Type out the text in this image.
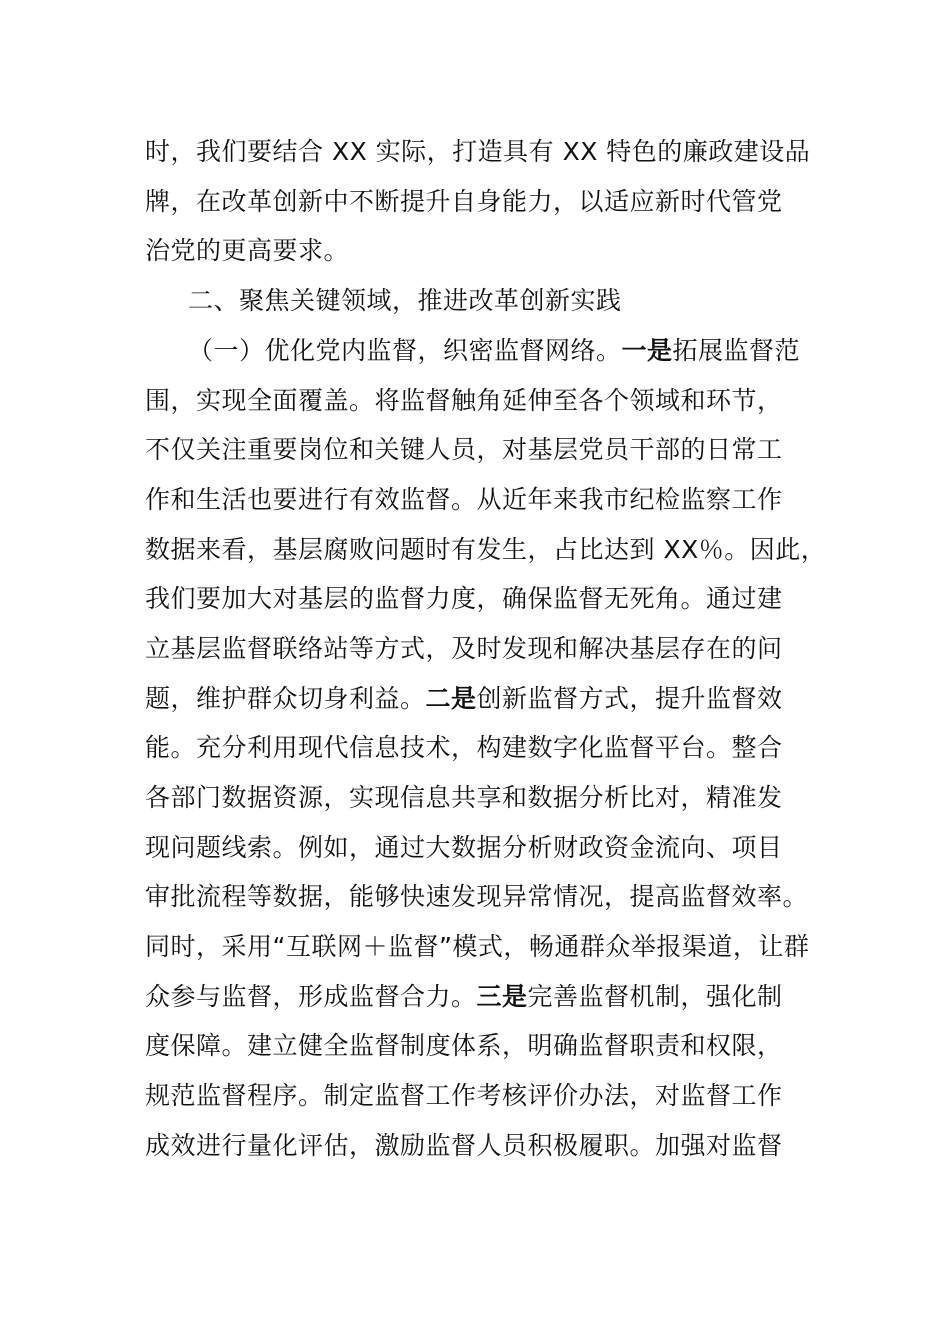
时，我们要结合 XX 实际，打造具有 XX 特色的廉政建设品
牌，在改革创新中不断提升自身能力，以适应新时代管党
治党的更高要求。
二、聚焦关键领域，推进改革创新实践
（一）优化党内监督，织密监督网络。一是拓展监督范
围，实现全面覆盖。将监督触角延伸至各个领域和环节，
不仅关注重要岗位和关键人员，对基层党员干部的日常工
作和生活也要进行有效监督。从近年来我市纪检监察工作
数据来看，基层腐败问题时有发生，占比达到 XX％。因此，
我们要加大对基层的监督力度，确保监督无死角。通过建
立基层监督联络站等方式，及时发现和解决基层存在的问
题，维护群众切身利益。二是创新监督方式，提升监督效
能。充分利用现代信息技术，构建数字化监督平台。整合
各部门数据资源，实现信息共享和数据分析比对，精准发
现问题线索。例如，通过大数据分析财政资金流向、项目
审批流程等数据，能够快速发现异常情况，提高监督效率。
同时，采用“互联网＋监督”模式，畅通群众举报渠道，让群
众参与监督，形成监督合力。三是完善监督机制，强化制
度保障。建立健全监督制度体系，明确监督职责和权限，
规范监督程序。制定监督工作考核评价办法，对监督工作
成效进行量化评估，激励监督人员积极履职。加强对监督
